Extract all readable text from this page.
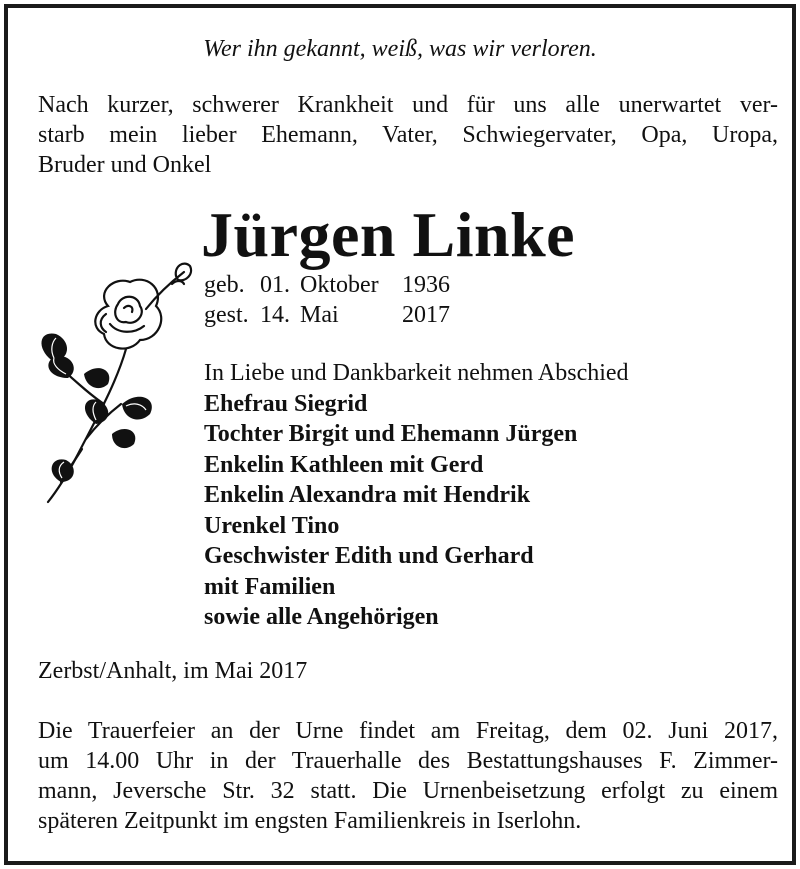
Wer ihn gekannt, weiß, was wir verloren.
Nach kurzer, schwerer Krankheit und für uns alle unerwartet ver-
starb mein lieber Ehemann, Vater, Schwiegervater, Opa, Uropa,
Bruder und Onkel
Jürgen Linke
geb. 01. Oktober 1936
gest. 14. Mai	2017
In Liebe und Dankbarkeit nehmen Abschied
Ehefrau Siegrid
Tochter Birgit und Ehemann Jürgen
Enkelin Kathleen mit Gerd
Enkelin Alexandra mit Hendrik
Urenkel Tino
Geschwister Edith und Gerhard
mit Familien
sowie alle Angehörigen
Zerbst/Anhalt, im Mai 2017
Die Trauerfeier an der Urne findet am Freitag, dem 02. Juni 2017,
um 14.00 Uhr in der Trauerhalle des Bestattungshauses F. Zimmer-
mann, Jeversche Str. 32 statt. Die Urnenbeisetzung erfolgt zu einem
späteren Zeitpunkt im engsten Familienkreis in Iserlohn.
